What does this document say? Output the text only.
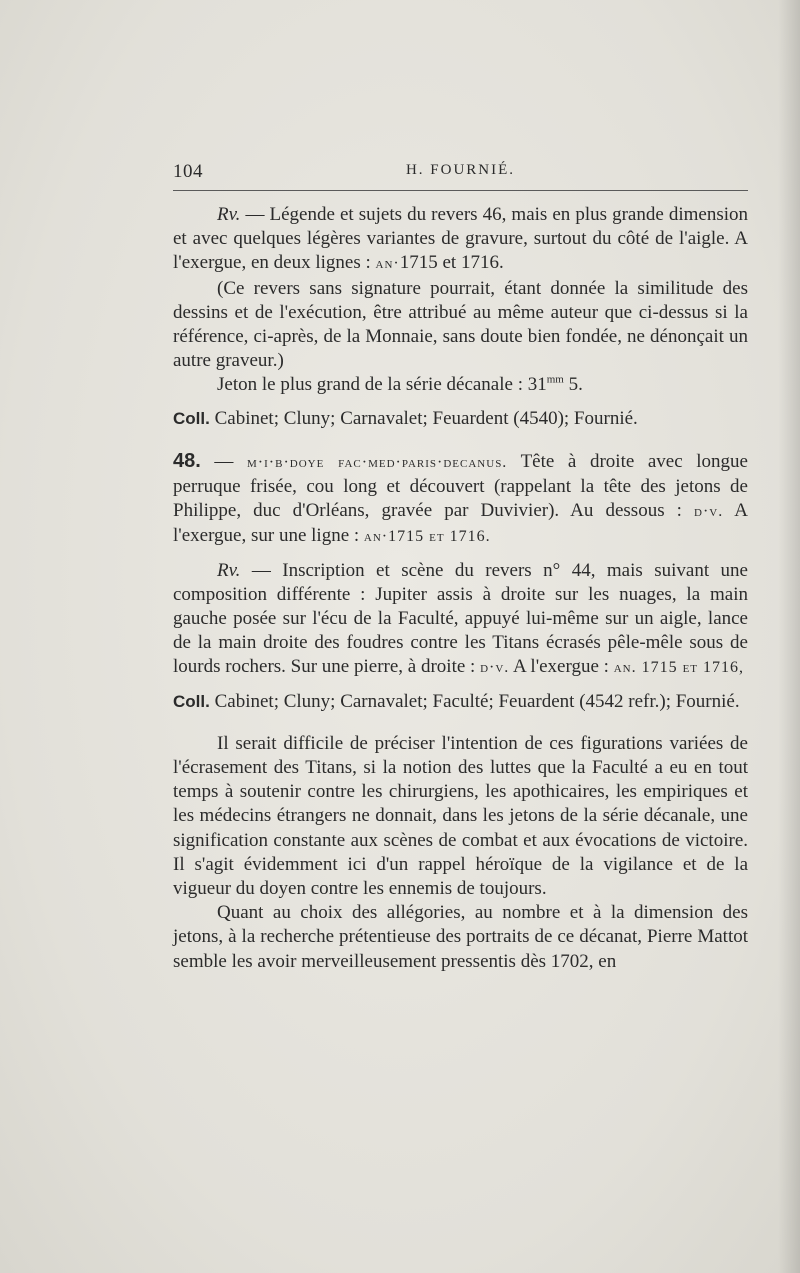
104	H. FOURNIÉ.

Rv. — Légende et sujets du revers 46, mais en plus grande dimension et avec quelques légères variantes de gravure, surtout du côté de l'aigle. A l'exergue, en deux lignes : an·1715 et 1716.

(Ce revers sans signature pourrait, étant donnée la similitude des dessins et de l'exécution, être attribué au même auteur que ci-dessus si la référence, ci-après, de la Monnaie, sans doute bien fondée, ne dénonçait un autre graveur.)

Jeton le plus grand de la série décanale : $31^{mm}$ 5.

Coll. Cabinet; Cluny; Carnavalet; Feuardent (4540); Fournié.

48. — m·i·b·doye fac·med·paris·decanus. Tête à droite avec longue perruque frisée, cou long et découvert (rappelant la tête des jetons de Philippe, duc d'Orléans, gravée par Duvivier). Au dessous : d·v. A l'exergue, sur une ligne : an·1715 et 1716.

Rv. — Inscription et scène du revers n° 44, mais suivant une composition différente : Jupiter assis à droite sur les nuages, la main gauche posée sur l'écu de la Faculté, appuyé lui-même sur un aigle, lance de la main droite des foudres contre les Titans écrasés pêle-mêle sous de lourds rochers. Sur une pierre, à droite : d·v. A l'exergue : an. 1715 et 1716,

Coll. Cabinet; Cluny; Carnavalet; Faculté; Feuardent (4542 refr.); Fournié.

Il serait difficile de préciser l'intention de ces figurations variées de l'écrasement des Titans, si la notion des luttes que la Faculté a eu en tout temps à soutenir contre les chirurgiens, les apothicaires, les empiriques et les médecins étrangers ne donnait, dans les jetons de la série décanale, une signification constante aux scènes de combat et aux évocations de victoire. Il s'agit évidemment ici d'un rappel héroïque de la vigilance et de la vigueur du doyen contre les ennemis de toujours.

Quant au choix des allégories, au nombre et à la dimension des jetons, à la recherche prétentieuse des portraits de ce décanat, Pierre Mattot semble les avoir merveilleusement pressentis dès 1702, en
